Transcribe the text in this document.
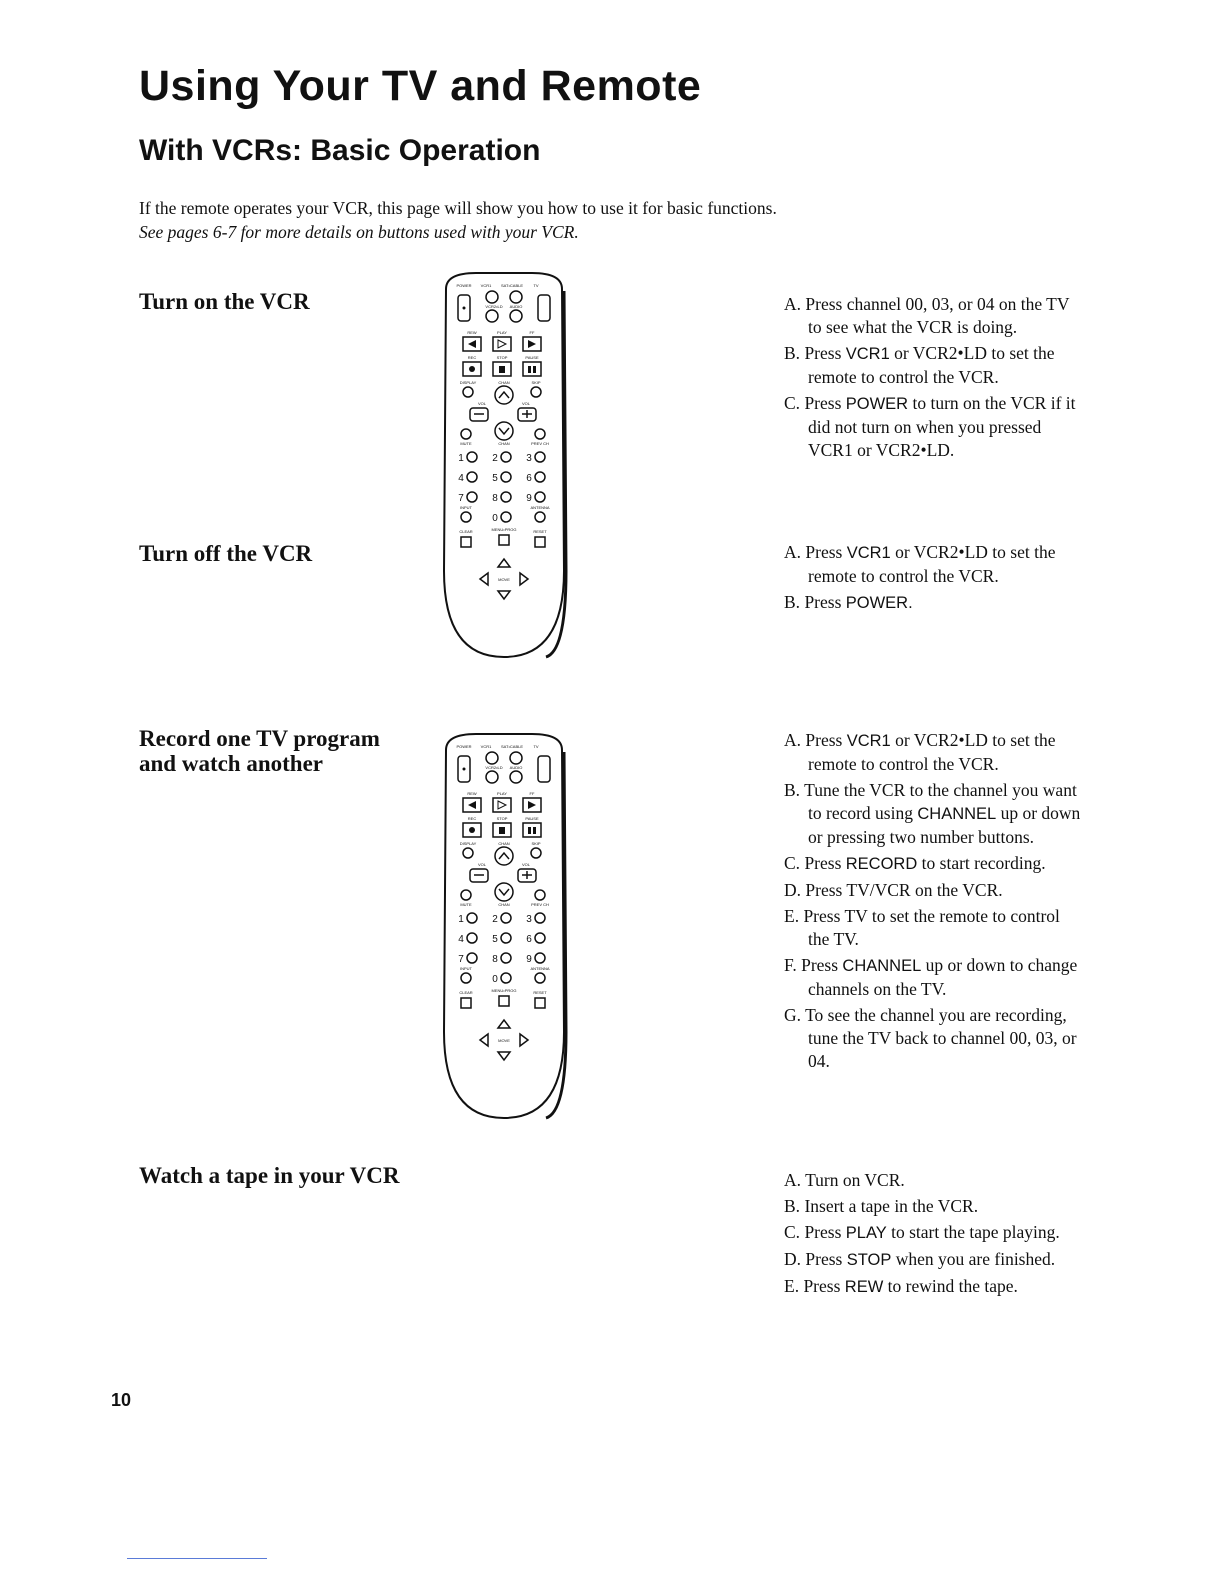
Using Your TV and Remote
With VCRs: Basic Operation

If the remote operates your VCR, this page will show you how to use it for basic functions. See pages 6-7 for more details on buttons used with your VCR.

Turn on the VCR
Turn off the VCR
Record one TV program and watch another
Watch a tape in your VCR
A. Press channel 00, 03, or 04 on the TV to see what the VCR is doing.
B. Press VCR1 or VCR2•LD to set the remote to control the VCR.
C. Press POWER to turn on the VCR if it did not turn on when you pressed VCR1 or VCR2•LD.
A. Press VCR1 or VCR2•LD to set the remote to control the VCR.
B. Press POWER.
A. Press VCR1 or VCR2•LD to set the remote to control the VCR.
B. Tune the VCR to the channel you want to record using CHANNEL up or down or pressing two number buttons.
C. Press RECORD to start recording.
D. Press TV/VCR on the VCR.
E. Press TV to set the remote to control the TV.
F. Press CHANNEL up or down to change channels on the TV.
G. To see the channel you are recording, tune the TV back to channel 00, 03, or 04.
A. Turn on VCR.
B. Insert a tape in the VCR.
C. Press PLAY to start the tape playing.
D. Press STOP when you are finished.
E. Press REW to rewind the tape.
POWER VCR1 SAT•CABLE	TV
VCR2•LD AUDIO
REW	PLAY	FF
REC	STOP	PAUSE
DISPLAY	CHAN	SKIP
VOL	VOL
MUTE	CHAN	PREV CH
1	2	3
4	5	6
7	8	9
INPUT
0
ANTENNA
CLEAR	MENU•PROG	RESET
MOVE
POWER VCR1 SAT•CABLE	TV
VCR2•LD AUDIO
REW	PLAY	FF
REC	STOP	PAUSE
DISPLAY	CHAN	SKIP
VOL	VOL
MUTE	CHAN	PREV CH
1	2	3
4	5	6
7	8	9
INPUT
0
ANTENNA
CLEAR	MENU•PROG	RESET
MOVE
10
